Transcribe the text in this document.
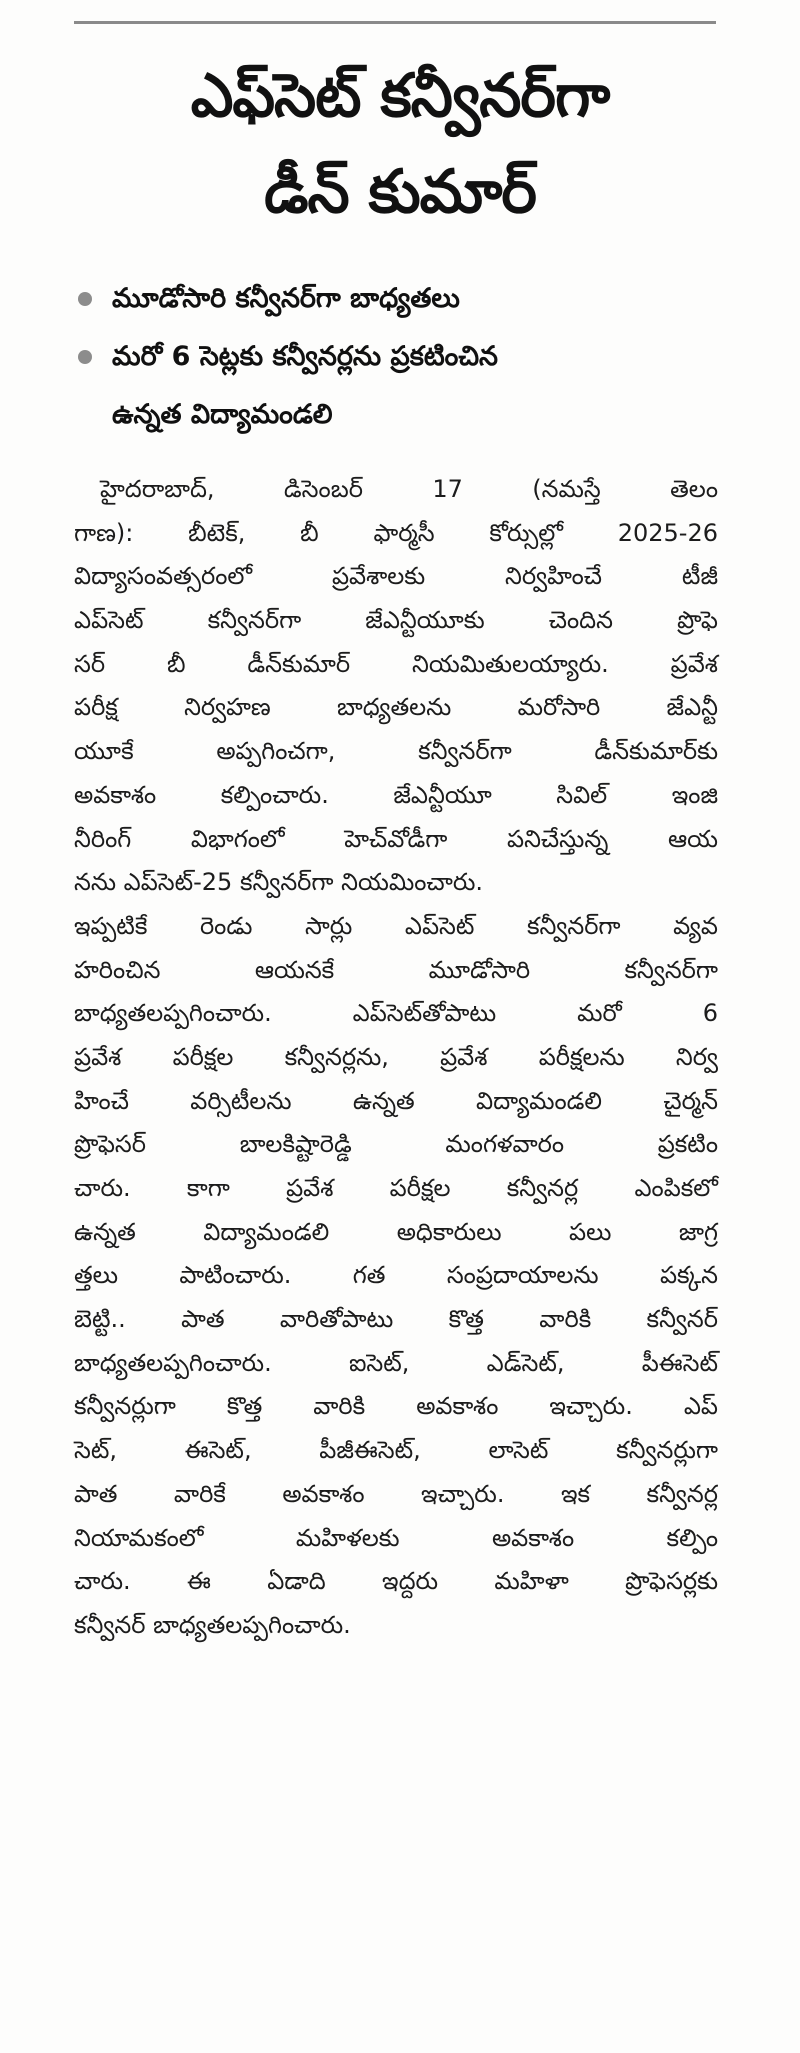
ఎఫ్‌సెట్ కన్వీనర్‌గా
డీన్ కుమార్
మూడోసారి కన్వీనర్‌గా బాధ్యతలు
మరో 6 సెట్లకు కన్వీనర్లను ప్రకటించిన
ఉన్నత విద్యామండలి
హైదరాబాద్, డిసెంబర్ 17 (నమస్తే తెలం
గాణ): బీటెక్, బీ ఫార్మసీ కోర్సుల్లో 2025-26
విద్యాసంవత్సరంలో ప్రవేశాలకు నిర్వహించే టీజీ
ఎప్‌సెట్ కన్వీనర్‌గా జేఎన్టీయూకు చెందిన ప్రొఫె
సర్ బీ డీన్‌కుమార్ నియమితులయ్యారు. ప్రవేశ
పరీక్ష నిర్వహణ బాధ్యతలను మరోసారి జేఎన్టీ
యూకే అప్పగించగా, కన్వీనర్‌గా డీన్‌కుమార్‌కు
అవకాశం కల్పించారు. జేఎన్టీయూ సివిల్ ఇంజి
నీరింగ్ విభాగంలో హెచ్‌వోడీగా పనిచేస్తున్న ఆయ
నను ఎప్‌సెట్-25 కన్వీనర్‌గా నియమించారు.
ఇప్పటికే రెండు సార్లు ఎప్‌సెట్ కన్వీనర్‌గా వ్యవ
హరించిన ఆయనకే మూడోసారి కన్వీనర్‌గా
బాధ్యతలప్పగించారు. ఎప్‌సెట్‌తోపాటు మరో 6
ప్రవేశ పరీక్షల కన్వీనర్లను, ప్రవేశ పరీక్షలను నిర్వ
హించే వర్సిటీలను ఉన్నత విద్యామండలి చైర్మన్
ప్రొఫెసర్ బాలకిష్టారెడ్డి మంగళవారం ప్రకటిం
చారు. కాగా ప్రవేశ పరీక్షల కన్వీనర్ల ఎంపికలో
ఉన్నత విద్యామండలి అధికారులు పలు జాగ్ర
త్తలు పాటించారు. గత సంప్రదాయాలను పక్కన
బెట్టి.. పాత వారితోపాటు కొత్త వారికి కన్వీనర్
బాధ్యతలప్పగించారు. ఐసెట్, ఎడ్‌సెట్, పీఈసెట్
కన్వీనర్లుగా కొత్త వారికి అవకాశం ఇచ్చారు. ఎప్
సెట్, ఈసెట్, పీజీఈసెట్, లాసెట్ కన్వీనర్లుగా
పాత వారికే అవకాశం ఇచ్చారు. ఇక కన్వీనర్ల
నియామకంలో మహిళలకు అవకాశం కల్పిం
చారు. ఈ ఏడాది ఇద్దరు మహిళా ప్రొఫెసర్లకు
కన్వీనర్ బాధ్యతలప్పగించారు.
